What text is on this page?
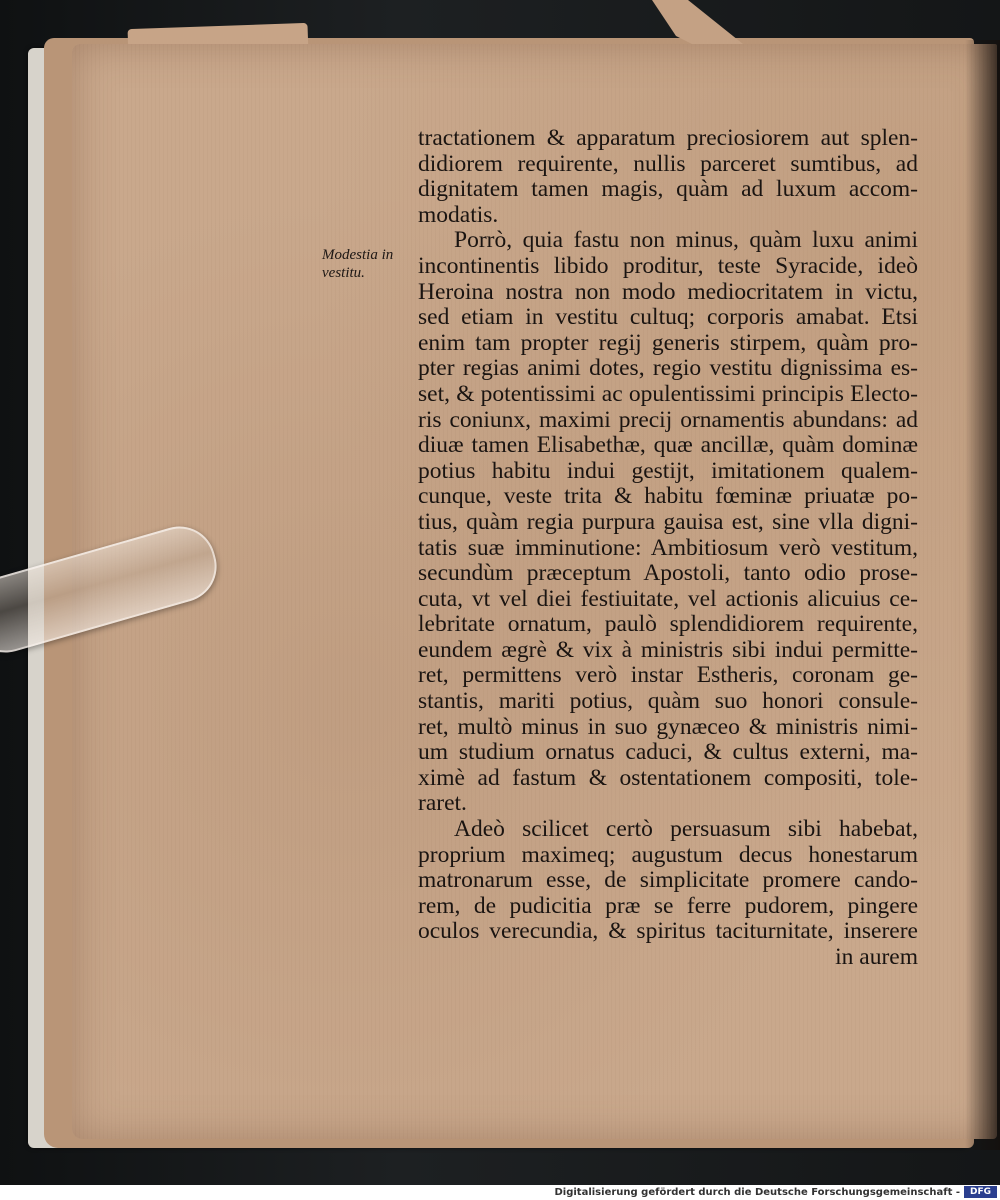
Modestia in
vestitu.
tractationem & apparatum preciosiorem aut splen-
didiorem requirente, nullis parceret sumtibus, ad
dignitatem tamen magis, quàm ad luxum accom-
modatis.
Porrò, quia fastu non minus, quàm luxu animi
incontinentis libido proditur, teste Syracide, ideò
Heroina nostra non modo mediocritatem in victu,
sed etiam in vestitu cultuq; corporis amabat. Etsi
enim tam propter regij generis stirpem, quàm pro-
pter regias animi dotes, regio vestitu dignissima es-
set, & potentissimi ac opulentissimi principis Electo-
ris coniunx, maximi precij ornamentis abundans: ad
diuæ tamen Elisabethæ, quæ ancillæ, quàm dominæ
potius habitu indui gestijt, imitationem qualem-
cunque, veste trita & habitu fœminæ priuatæ po-
tius, quàm regia purpura gauisa est, sine vlla digni-
tatis suæ imminutione: Ambitiosum verò vestitum,
secundùm præceptum Apostoli, tanto odio prose-
cuta, vt vel diei festiuitate, vel actionis alicuius ce-
lebritate ornatum, paulò splendidiorem requirente,
eundem ægrè & vix à ministris sibi indui permitte-
ret, permittens verò instar Estheris, coronam ge-
stantis, mariti potius, quàm suo honori consule-
ret, multò minus in suo gynæceo & ministris nimi-
um studium ornatus caduci, & cultus externi, ma-
ximè ad fastum & ostentationem compositi, tole-
raret.
Adeò scilicet certò persuasum sibi habebat,
proprium maximeq; augustum decus honestarum
matronarum esse, de simplicitate promere cando-
rem, de pudicitia præ se ferre pudorem, pingere
oculos verecundia, & spiritus taciturnitate, inserere
in aurem
Digitalisierung gefördert durch die Deutsche Forschungsgemeinschaft -	DFG
